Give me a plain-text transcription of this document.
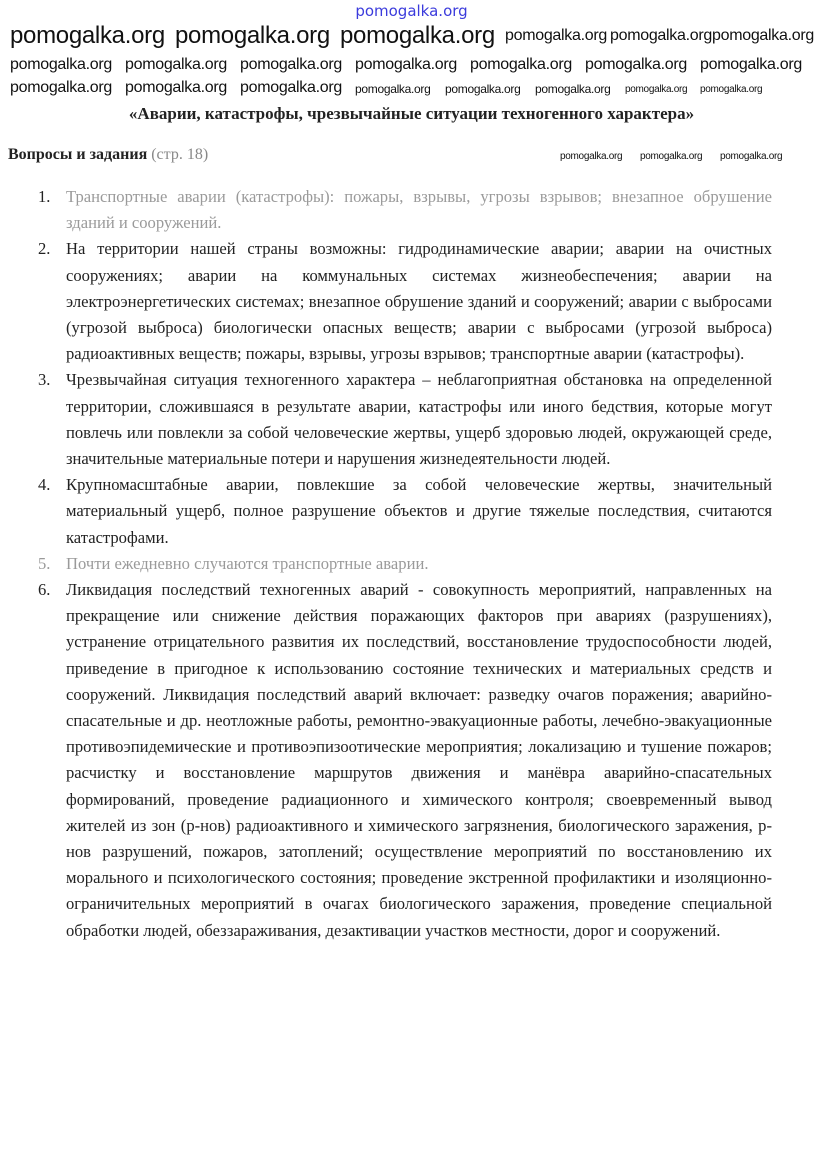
pomogalka.org
«Аварии, катастрофы, чрезвычайные ситуации техногенного характера»
Вопросы и задания (стр. 18)
1. Транспортные аварии (катастрофы): пожары, взрывы, угрозы взрывов; внезапное обрушение зданий и сооружений.
2. На территории нашей страны возможны: гидродинамические аварии; аварии на очистных сооружениях; аварии на коммунальных системах жизнеобеспечения; аварии на электроэнергетических системах; внезапное обрушение зданий и сооружений; аварии с выбросами (угрозой выброса) биологически опасных веществ; аварии с выбросами (угрозой выброса) радиоактивных веществ; пожары, взрывы, угрозы взрывов; транспортные аварии (катастрофы).
3. Чрезвычайная ситуация техногенного характера – неблагоприятная обстановка на определенной территории, сложившаяся в результате аварии, катастрофы или иного бедствия, которые могут повлечь или повлекли за собой человеческие жертвы, ущерб здоровью людей, окружающей среде, значительные материальные потери и нарушения жизнедеятельности людей.
4. Крупномасштабные аварии, повлекшие за собой человеческие жертвы, значительный материальный ущерб, полное разрушение объектов и другие тяжелые последствия, считаются катастрофами.
5. Почти ежедневно случаются транспортные аварии.
6. Ликвидация последствий техногенных аварий - совокупность мероприятий, направленных на прекращение или снижение действия поражающих факторов при авариях (разрушениях), устранение отрицательного развития их последствий, восстановление трудоспособности людей, приведение в пригодное к использованию состояние технических и материальных средств и сооружений. Ликвидация последствий аварий включает: разведку очагов поражения; аварийно-спасательные и др. неотложные работы, ремонтно-эвакуационные работы, лечебно-эвакуационные противоэпидемические и противоэпизоотические мероприятия; локализацию и тушение пожаров; расчистку и восстановление маршрутов движения и манёвра аварийно-спасательных формирований, проведение радиационного и химического контроля; своевременный вывод жителей из зон (р-нов) радиоактивного и химического загрязнения, биологического заражения, р-нов разрушений, пожаров, затоплений; осуществление мероприятий по восстановлению их морального и психологического состояния; проведение экстренной профилактики и изоляционно-ограничительных мероприятий в очагах биологического заражения, проведение специальной обработки людей, обеззараживания, дезактивации участков местности, дорог и сооружений.
pomogalka.org pomogalka.org pomogalka.org pomogalka.org pomogalka.org pomogalka.org
pomogalka.org pomogalka.org pomogalka.org pomogalka.org pomogalka.org pomogalka.org pomogalka.org
pomogalka.org pomogalka.org pomogalka.org pomogalka.org pomogalka.org pomogalka.org pomogalka.org pomogalka.org
pomogalka.org pomogalka.org pomogalka.org
